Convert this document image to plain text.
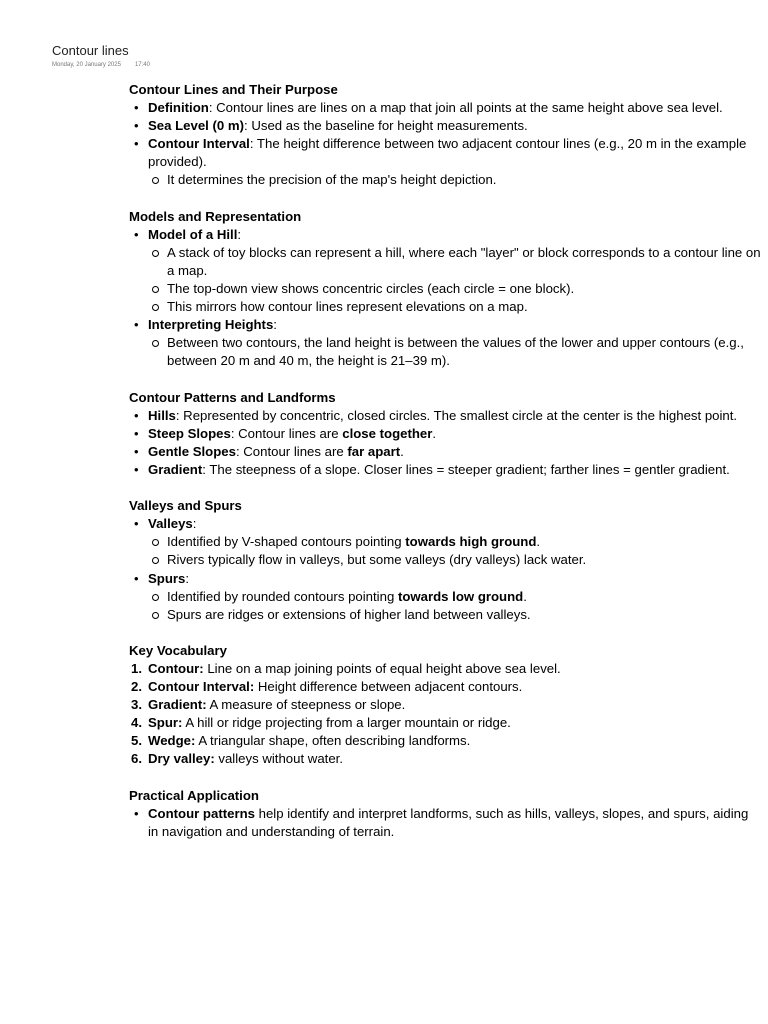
Contour lines
Monday, 20 January 2025 17:40
Contour Lines and Their Purpose
• Definition: Contour lines are lines on a map that join all points at the same height above sea level.
• Sea Level (0 m): Used as the baseline for height measurements.
• Contour Interval: The height difference between two adjacent contour lines (e.g., 20 m in the example provided).
It determines the precision of the map's height depiction.
Models and Representation
• Model of a Hill:
A stack of toy blocks can represent a hill, where each "layer" or block corresponds to a contour line on a map.
The top-down view shows concentric circles (each circle = one block).
This mirrors how contour lines represent elevations on a map.
• Interpreting Heights:
Between two contours, the land height is between the values of the lower and upper contours (e.g., between 20 m and 40 m, the height is 21–39 m).
Contour Patterns and Landforms
• Hills: Represented by concentric, closed circles. The smallest circle at the center is the highest point.
• Steep Slopes: Contour lines are close together.
• Gentle Slopes: Contour lines are far apart.
• Gradient: The steepness of a slope. Closer lines = steeper gradient; farther lines = gentler gradient.
Valleys and Spurs
• Valleys:
Identified by V-shaped contours pointing towards high ground.
Rivers typically flow in valleys, but some valleys (dry valleys) lack water.
• Spurs:
Identified by rounded contours pointing towards low ground.
Spurs are ridges or extensions of higher land between valleys.
Key Vocabulary
Contour: Line on a map joining points of equal height above sea level.
Contour Interval: Height difference between adjacent contours.
Gradient: A measure of steepness or slope.
Spur: A hill or ridge projecting from a larger mountain or ridge.
Wedge: A triangular shape, often describing landforms.
Dry valley: valleys without water.
Practical Application
• Contour patterns help identify and interpret landforms, such as hills, valleys, slopes, and spurs, aiding in navigation and understanding of terrain.
